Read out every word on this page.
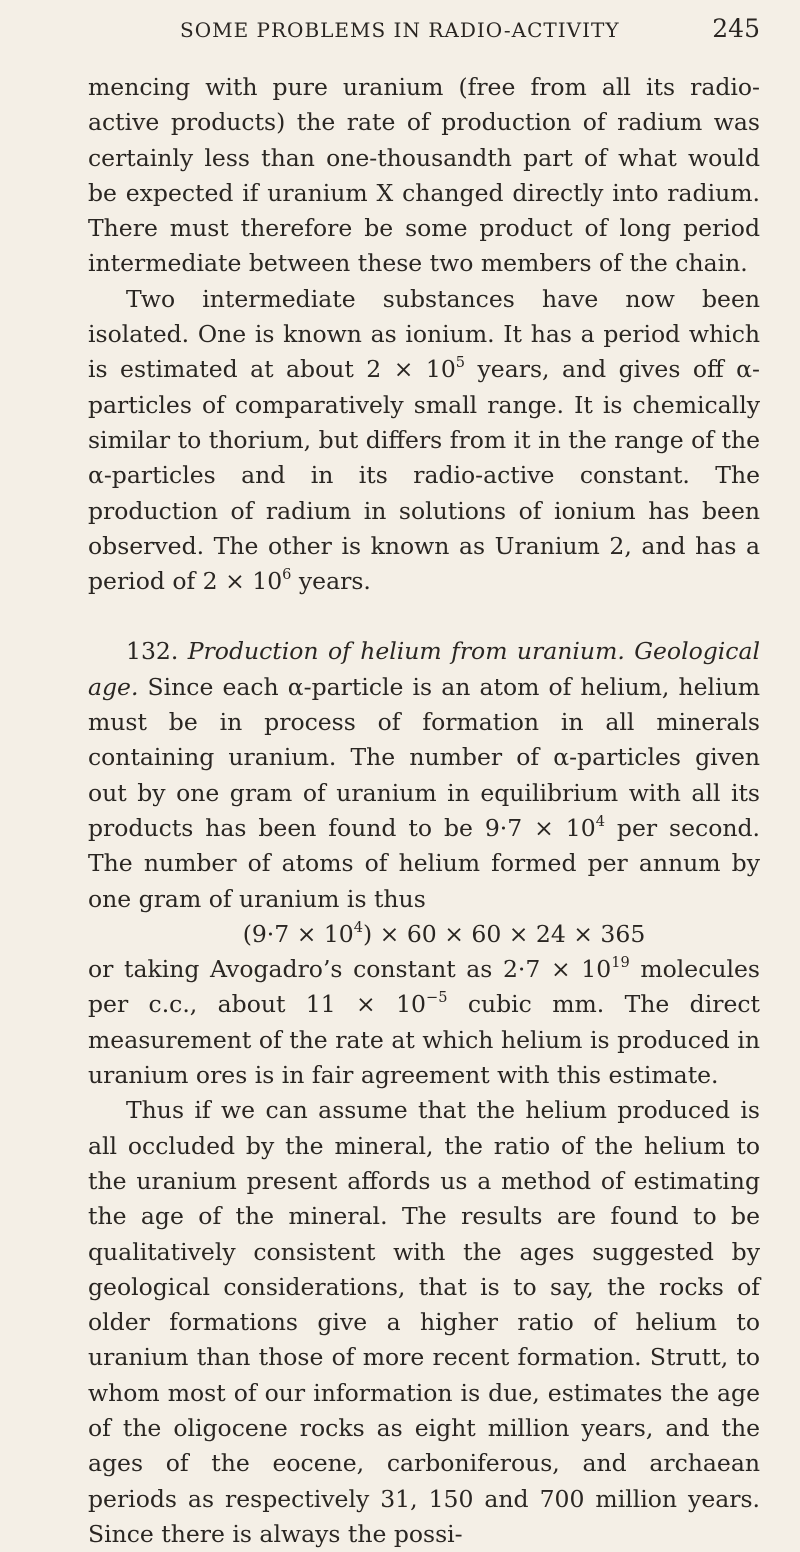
SOME PROBLEMS IN RADIO-ACTIVITY	245

mencing with pure uranium (free from all its radio-active products) the rate of production of radium was certainly less than one-thousandth part of what would be expected if uranium X changed directly into radium. There must therefore be some product of long period intermediate between these two members of the chain.

Two intermediate substances have now been isolated. One is known as ionium. It has a period which is estimated at about $2 \times 10^5$ years, and gives off α-particles of comparatively small range. It is chemically similar to thorium, but differs from it in the range of the α-particles and in its radio-active constant. The production of radium in solutions of ionium has been observed. The other is known as Uranium 2, and has a period of $2 \times 10^6$ years.

132. Production of helium from uranium. Geological age. Since each α-particle is an atom of helium, helium must be in process of formation in all minerals containing uranium. The number of α-particles given out by one gram of uranium in equilibrium with all its products has been found to be $9\cdot 7 \times 10^4$ per second. The number of atoms of helium formed per annum by one gram of uranium is thus

$(9\cdot 7 \times 10^4) \times 60 \times 60 \times 24 \times 365$

or taking Avogadro’s constant as $2\cdot 7 \times 10^{19}$ molecules per c.c., about $11 \times 10^{-5}$ cubic mm. The direct measurement of the rate at which helium is produced in uranium ores is in fair agreement with this estimate.

Thus if we can assume that the helium produced is all occluded by the mineral, the ratio of the helium to the uranium present affords us a method of estimating the age of the mineral. The results are found to be qualitatively consistent with the ages suggested by geological considerations, that is to say, the rocks of older formations give a higher ratio of helium to uranium than those of more recent formation. Strutt, to whom most of our information is due, estimates the age of the oligocene rocks as eight million years, and the ages of the eocene, carboniferous, and archaean periods as respectively 31, 150 and 700 million years. Since there is always the possi-
